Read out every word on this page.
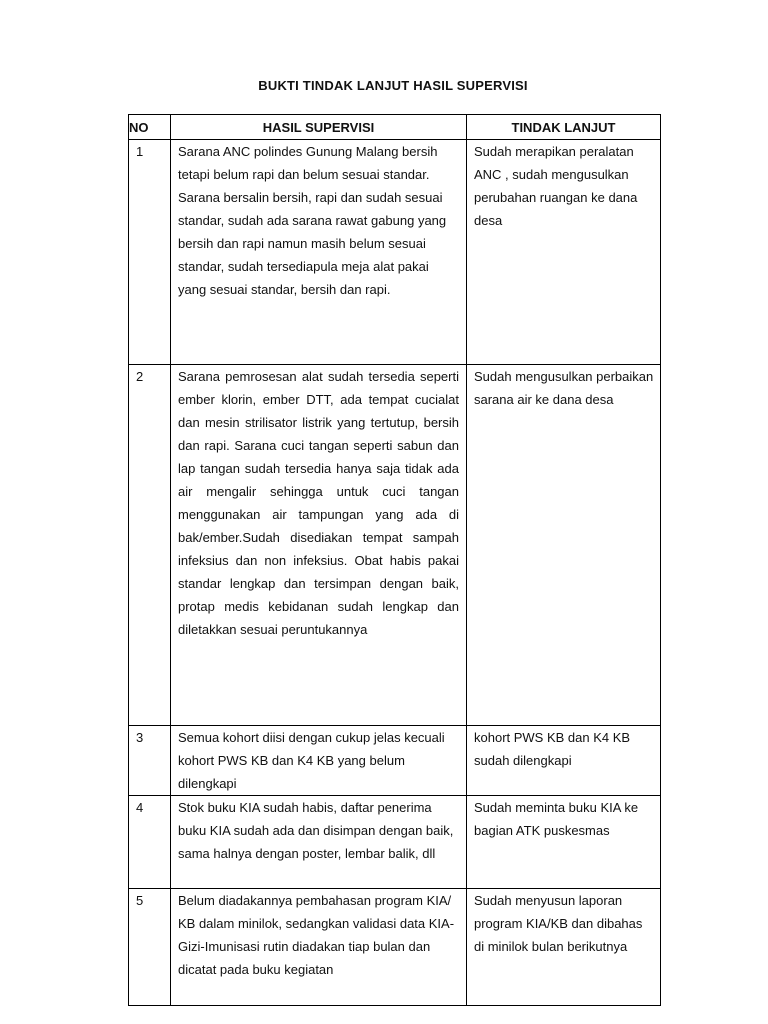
BUKTI TINDAK LANJUT HASIL SUPERVISI
NO	HASIL SUPERVISI	TINDAK LANJUT

1	Sarana ANC polindes Gunung Malang bersih tetapi belum rapi dan belum sesuai standar. Sarana bersalin bersih, rapi dan sudah sesuai standar, sudah ada sarana rawat gabung yang bersih dan rapi namun masih belum sesuai standar, sudah tersediapula meja alat pakai yang sesuai standar, bersih dan rapi.	Sudah merapikan peralatan ANC , sudah mengusulkan perubahan ruangan ke dana desa

2	Sarana pemrosesan alat sudah tersedia seperti ember klorin, ember DTT, ada tempat cucialat dan mesin strilisator listrik yang tertutup, bersih dan rapi. Sarana cuci tangan seperti sabun dan lap tangan sudah tersedia hanya saja tidak ada air mengalir sehingga untuk cuci tangan menggunakan air tampungan yang ada di bak/ember.Sudah disediakan tempat sampah infeksius dan non infeksius. Obat habis pakai standar lengkap dan tersimpan dengan baik, protap medis kebidanan sudah lengkap dan diletakkan sesuai peruntukannya	Sudah mengusulkan perbaikan sarana air ke dana desa

3	Semua kohort diisi dengan cukup jelas kecuali kohort PWS KB dan K4 KB yang belum dilengkapi	kohort PWS KB dan K4 KB sudah dilengkapi

4	Stok buku KIA sudah habis, daftar penerima buku KIA sudah ada dan disimpan dengan baik, sama halnya dengan poster, lembar balik, dll	Sudah meminta buku KIA ke bagian ATK puskesmas

5	Belum diadakannya pembahasan program KIA/ KB dalam minilok, sedangkan validasi data KIA-Gizi-Imunisasi rutin diadakan tiap bulan dan dicatat pada buku kegiatan	Sudah menyusun laporan program KIA/KB dan dibahas di minilok bulan berikutnya
